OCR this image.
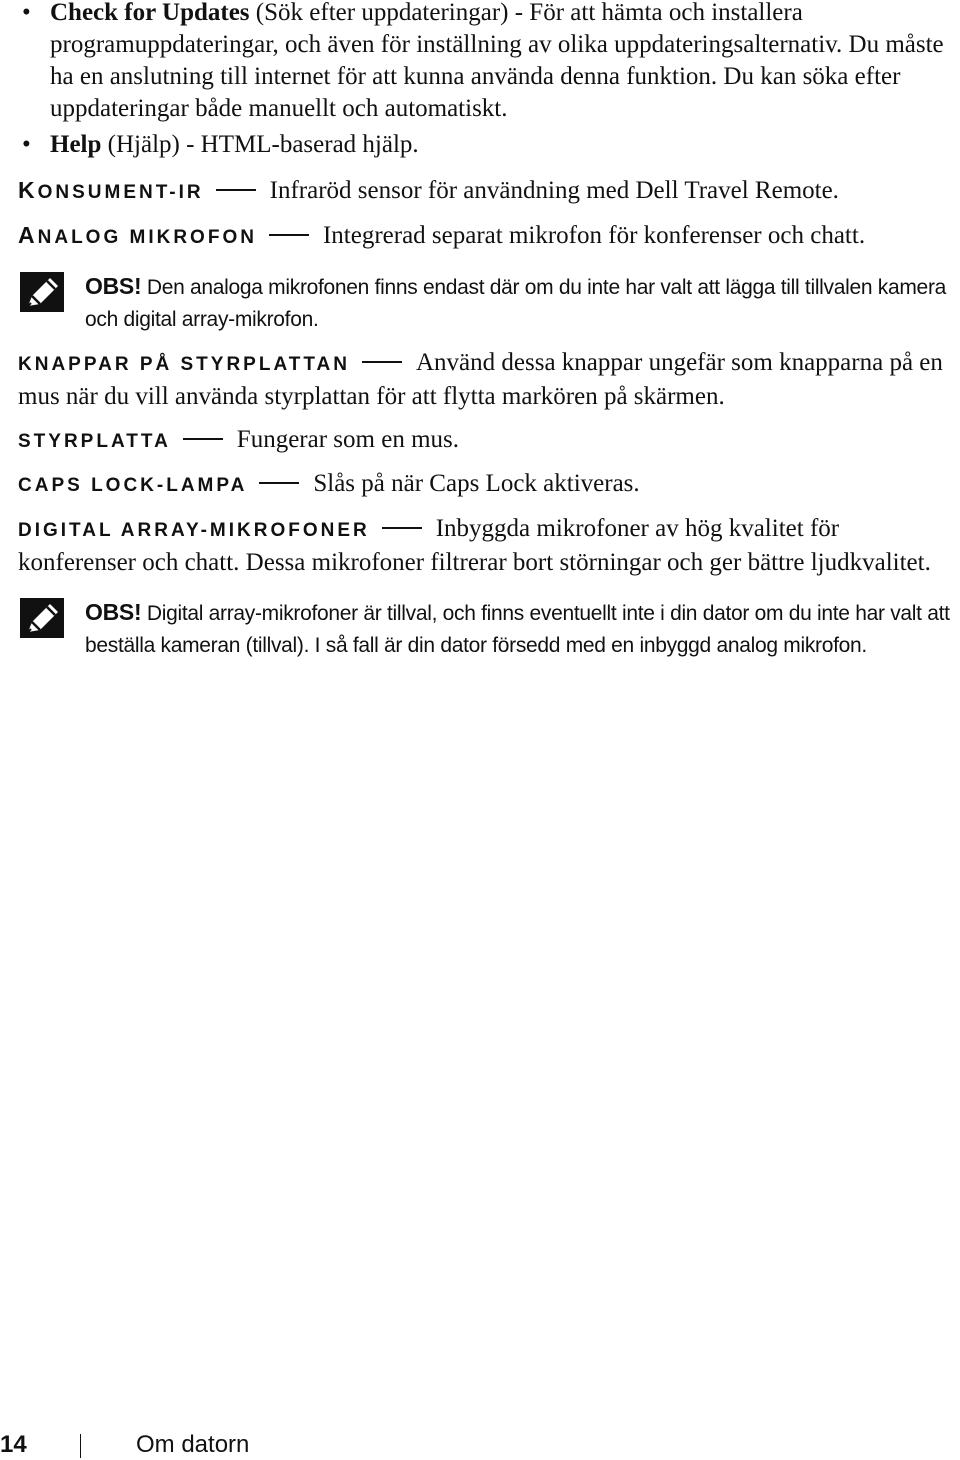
• Check for Updates (Sök efter uppdateringar) - För att hämta och installera programuppdateringar, och även för inställning av olika uppdateringsalternativ. Du måste ha en anslutning till internet för att kunna använda denna funktion. Du kan söka efter uppdateringar både manuellt och automatiskt.
• Help (Hjälp) - HTML-baserad hjälp.
KONSUMENT-IR	Infraröd sensor för användning med Dell Travel Remote.
ANALOG MIKROFON	Integrerad separat mikrofon för konferenser och chatt.
OBS! Den analoga mikrofonen finns endast där om du inte har valt att lägga till tillvalen kamera och digital array-mikrofon.
KNAPPAR PÅ STYRPLATTAN	Använd dessa knappar ungefär som knapparna på en mus när du vill använda styrplattan för att flytta markören på skärmen.
STYRPLATTA	Fungerar som en mus.
CAPS LOCK-LAMPA	Slås på när Caps Lock aktiveras.
DIGITAL ARRAY-MIKROFONER	Inbyggda mikrofoner av hög kvalitet för konferenser och chatt. Dessa mikrofoner filtrerar bort störningar och ger bättre ljudkvalitet.
OBS! Digital array-mikrofoner är tillval, och finns eventuellt inte i din dator om du inte har valt att beställa kameran (tillval). I så fall är din dator försedd med en inbyggd analog mikrofon.
14	Om datorn
